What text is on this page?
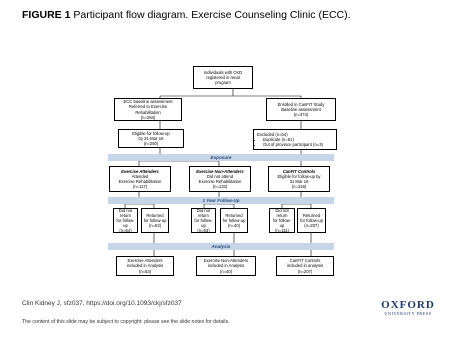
FIGURE 1 Participant flow diagram. Exercise Counseling Clinic (ECC).
Exposure
1 Year Follow-Up
Analysis
Individuals with CKD
registered in renal
program
ECC baseline assessment
Referred to Exercise
Rehabilitation
(n=284)
Enrolled in CanFIT Study
Baseline assessment
(n=474)
Eligible for follow-up
by 31-Mar-16
(n=250)
Excluded (n=64)
• Duplicate (n=61)
• Out of province participant (n=3)
Exercise Attenders
Attended
Exercise Rehabilitation
(n=117)
Exercise Non-Attenders
Did not attend
Exercise Rehabilitation
(n=133)
CanFIT Controls
Eligible for follow-up by
31 Mar 16
(n=318)
Did not
return
for follow-up
(n=64)
Returned
for follow-up
(n=53)
Did not
return
for follow-up
(n=93)
Returned
for follow-up
(n=40)
Did not
return
for follow-up
(n=111)
Returned
for follow-up
(n=207)
Exercise Attenders
included in Analysis
(n=53)
Exercise Non-Attenders
included in Analysis
(n=40)
CanFIT Controls
included in analysis
(n=207)
Clin Kidney J, sfz037, https://doi.org/10.1093/ckj/sfz037
The content of this slide may be subject to copyright: please see the slide notes for details.
OXFORD
UNIVERSITY PRESS
